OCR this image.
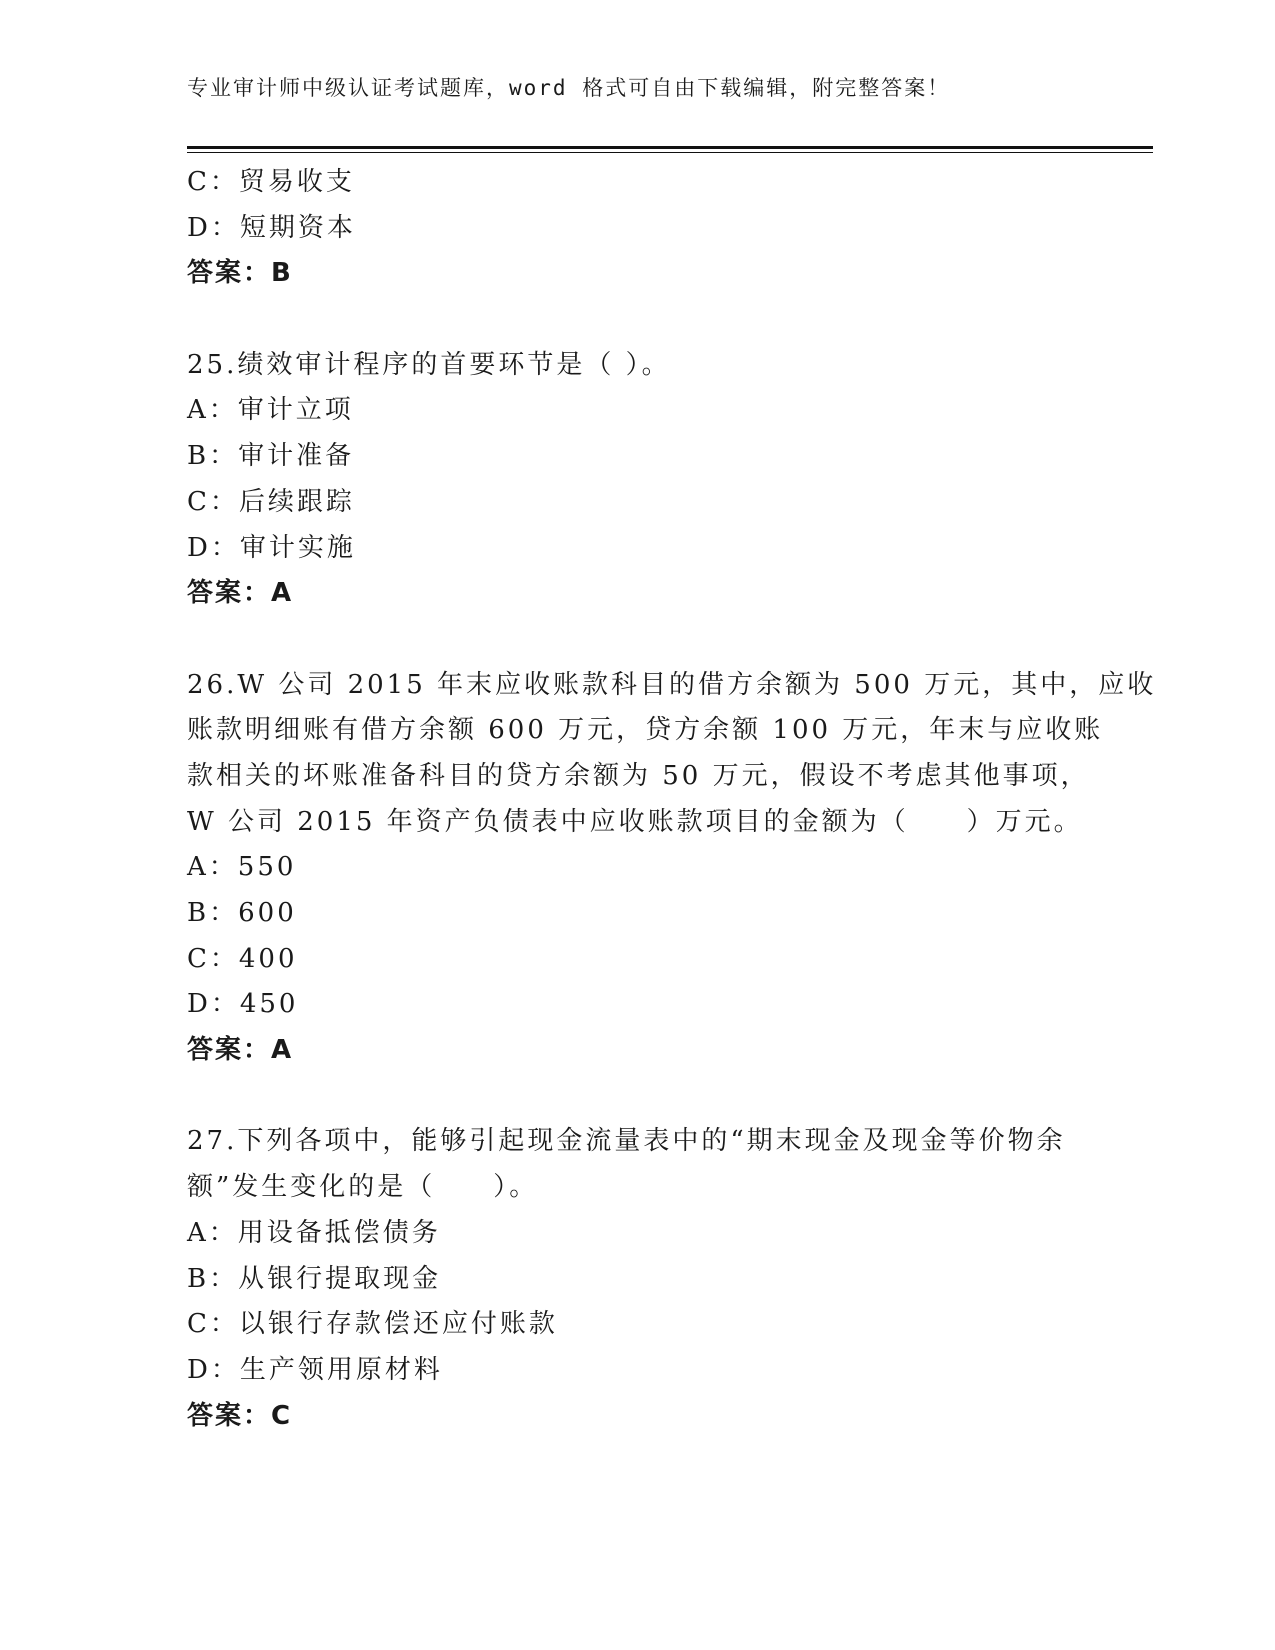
专业审计师中级认证考试题库，word 格式可自由下载编辑，附完整答案！
C：贸易收支
D：短期资本
答案：B
25.绩效审计程序的首要环节是（ ）。
A：审计立项
B：审计准备
C：后续跟踪
D：审计实施
答案：A
26.W 公司 2015 年末应收账款科目的借方余额为 500 万元，其中，应收
账款明细账有借方余额 600 万元，贷方余额 100 万元，年末与应收账
款相关的坏账准备科目的贷方余额为 50 万元，假设不考虑其他事项，
W 公司 2015 年资产负债表中应收账款项目的金额为（　　）万元。
A：550
B：600
C：400
D：450
答案：A
27.下列各项中，能够引起现金流量表中的“期末现金及现金等价物余
额”发生变化的是（　　）。
A：用设备抵偿债务
B：从银行提取现金
C：以银行存款偿还应付账款
D：生产领用原材料
答案：C
